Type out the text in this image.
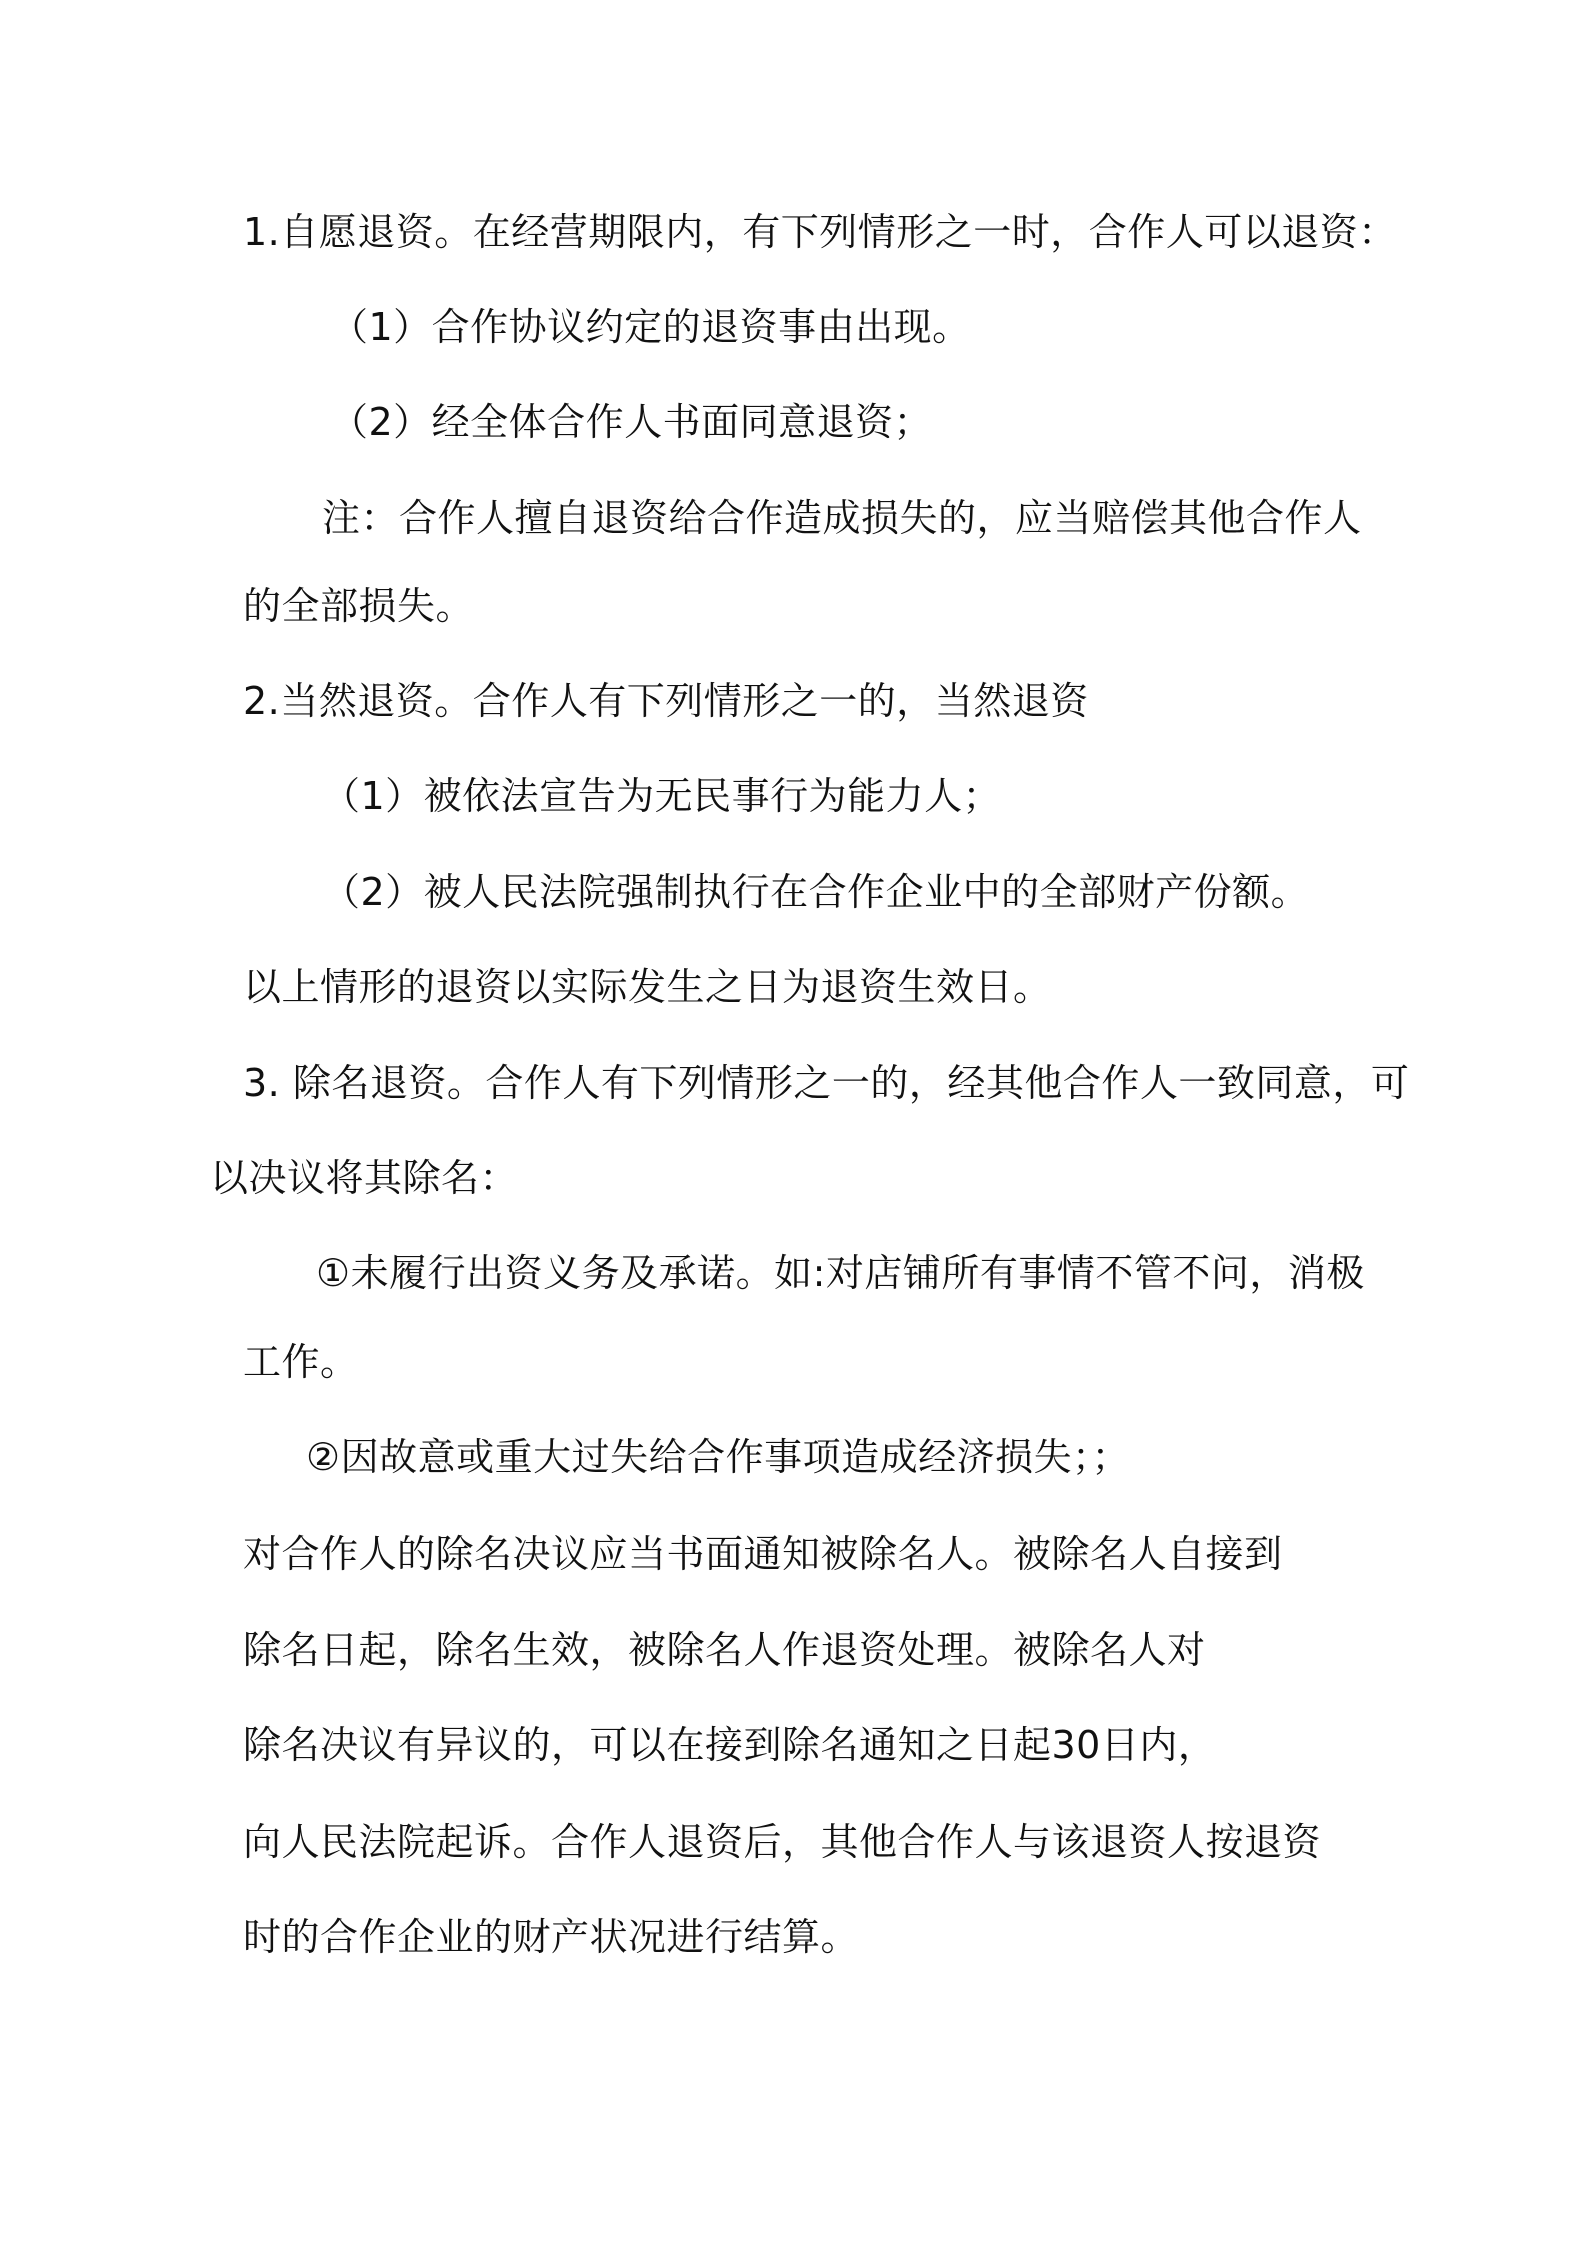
1.自愿退资。在经营期限内，有下列情形之一时，合作人可以退资：
（1）合作协议约定的退资事由出现。
（2）经全体合作人书面同意退资；
注：合作人擅自退资给合作造成损失的，应当赔偿其他合作人
的全部损失。
2.当然退资。合作人有下列情形之一的，当然退资
（1）被依法宣告为无民事行为能力人；
（2）被人民法院强制执行在合作企业中的全部财产份额。
以上情形的退资以实际发生之日为退资生效日。
3. 除名退资。合作人有下列情形之一的，经其他合作人一致同意，可
以决议将其除名：
①未履行出资义务及承诺。如:对店铺所有事情不管不问，消极
工作。
②因故意或重大过失给合作事项造成经济损失；；
对合作人的除名决议应当书面通知被除名人。被除名人自接到
除名日起，除名生效，被除名人作退资处理。被除名人对
除名决议有异议的，可以在接到除名通知之日起30日内，
向人民法院起诉。合作人退资后，其他合作人与该退资人按退资
时的合作企业的财产状况进行结算。
